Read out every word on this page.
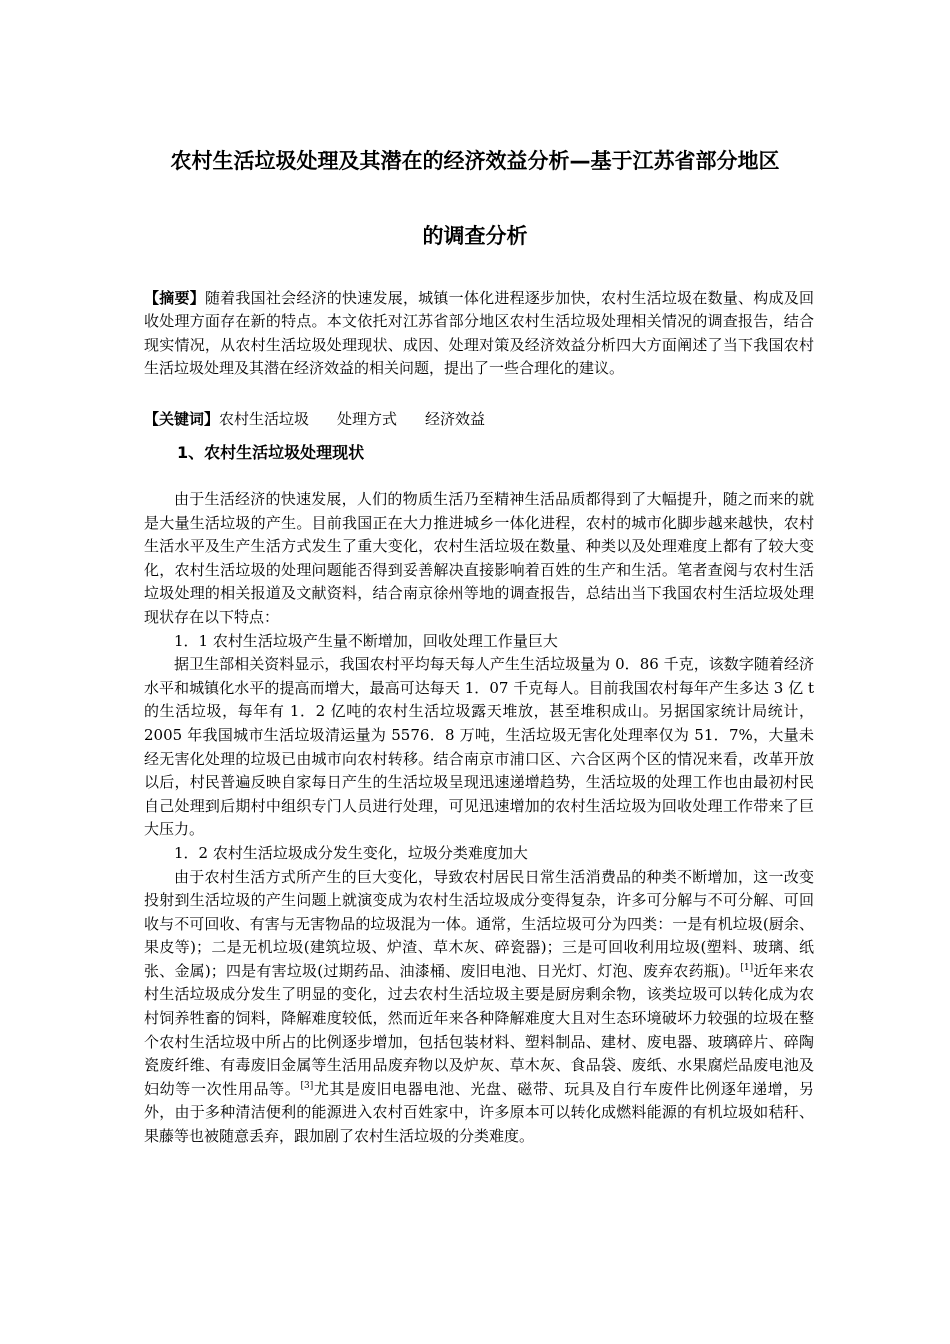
农村生活垃圾处理及其潜在的经济效益分析—基于江苏省部分地区
的调查分析

【摘要】随着我国社会经济的快速发展，城镇一体化进程逐步加快，农村生活垃圾在数量、构成及回收处理方面存在新的特点。本文依托对江苏省部分地区农村生活垃圾处理相关情况的调查报告，结合现实情况，从农村生活垃圾处理现状、成因、处理对策及经济效益分析四大方面阐述了当下我国农村生活垃圾处理及其潜在经济效益的相关问题，提出了一些合理化的建议。

【关键词】农村生活垃圾 处理方式 经济效益
1、农村生活垃圾处理现状

由于生活经济的快速发展，人们的物质生活乃至精神生活品质都得到了大幅提升，随之而来的就是大量生活垃圾的产生。目前我国正在大力推进城乡一体化进程，农村的城市化脚步越来越快，农村生活水平及生产生活方式发生了重大变化，农村生活垃圾在数量、种类以及处理难度上都有了较大变化，农村生活垃圾的处理问题能否得到妥善解决直接影响着百姓的生产和生活。笔者查阅与农村生活垃圾处理的相关报道及文献资料，结合南京徐州等地的调查报告，总结出当下我国农村生活垃圾处理现状存在以下特点：

1．1 农村生活垃圾产生量不断增加，回收处理工作量巨大

据卫生部相关资料显示，我国农村平均每天每人产生生活垃圾量为 0．86 千克，该数字随着经济水平和城镇化水平的提高而增大，最高可达每天 1．07 千克每人。目前我国农村每年产生多达 3 亿 t 的生活垃圾，每年有 1．2 亿吨的农村生活垃圾露天堆放，甚至堆积成山。另据国家统计局统计，2005 年我国城市生活垃圾清运量为 5576．8 万吨，生活垃圾无害化处理率仅为 51．7%，大量未经无害化处理的垃圾已由城市向农村转移。结合南京市浦口区、六合区两个区的情况来看，改革开放以后，村民普遍反映自家每日产生的生活垃圾呈现迅速递增趋势，生活垃圾的处理工作也由最初村民自己处理到后期村中组织专门人员进行处理，可见迅速增加的农村生活垃圾为回收处理工作带来了巨大压力。

1．2 农村生活垃圾成分发生变化，垃圾分类难度加大

由于农村生活方式所产生的巨大变化，导致农村居民日常生活消费品的种类不断增加，这一改变投射到生活垃圾的产生问题上就演变成为农村生活垃圾成分变得复杂，许多可分解与不可分解、可回收与不可回收、有害与无害物品的垃圾混为一体。通常，生活垃圾可分为四类：一是有机垃圾(厨余、果皮等)；二是无机垃圾(建筑垃圾、炉渣、草木灰、碎瓷器)；三是可回收利用垃圾(塑料、玻璃、纸张、金属)；四是有害垃圾(过期药品、油漆桶、废旧电池、日光灯、灯泡、废弃农药瓶)。[1]近年来农村生活垃圾成分发生了明显的变化，过去农村生活垃圾主要是厨房剩余物，该类垃圾可以转化成为农村饲养牲畜的饲料，降解难度较低，然而近年来各种降解难度大且对生态环境破坏力较强的垃圾在整个农村生活垃圾中所占的比例逐步增加，包括包装材料、塑料制品、建材、废电器、玻璃碎片、碎陶瓷废纤维、有毒废旧金属等生活用品废弃物以及炉灰、草木灰、食品袋、废纸、水果腐烂品废电池及妇幼等一次性用品等。[3]尤其是废旧电器电池、光盘、磁带、玩具及自行车废件比例逐年递增，另外，由于多种清洁便利的能源进入农村百姓家中，许多原本可以转化成燃料能源的有机垃圾如秸秆、果藤等也被随意丢弃，跟加剧了农村生活垃圾的分类难度。
